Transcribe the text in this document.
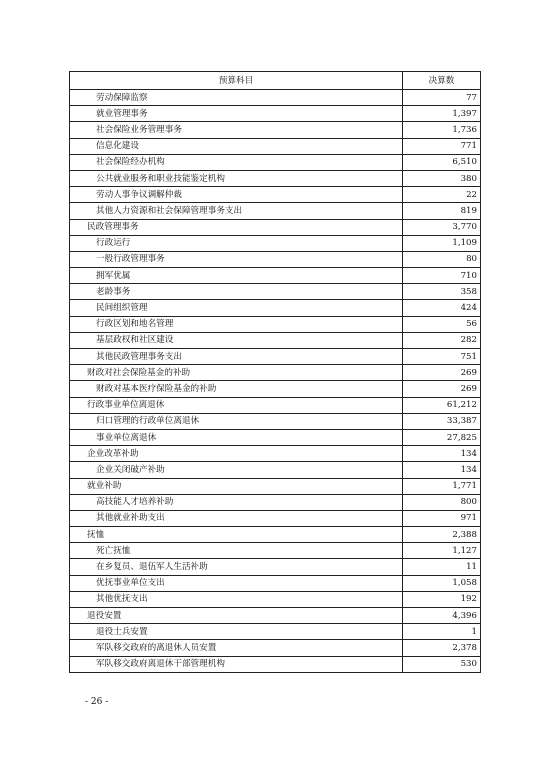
预算科目	决算数
劳动保障监察	77
就业管理事务	1,397
社会保险业务管理事务	1,736
信息化建设	771
社会保险经办机构	6,510
公共就业服务和职业技能鉴定机构	380
劳动人事争议调解仲裁	22
其他人力资源和社会保障管理事务支出	819
民政管理事务	3,770
行政运行	1,109
一般行政管理事务	80
拥军优属	710
老龄事务	358
民间组织管理	424
行政区划和地名管理	56
基层政权和社区建设	282
其他民政管理事务支出	751
财政对社会保险基金的补助	269
财政对基本医疗保险基金的补助	269
行政事业单位离退休	61,212
归口管理的行政单位离退休	33,387
事业单位离退休	27,825
企业改革补助	134
企业关闭破产补助	134
就业补助	1,771
高技能人才培养补助	800
其他就业补助支出	971
抚恤	2,388
死亡抚恤	1,127
在乡复员、退伍军人生活补助	11
优抚事业单位支出	1,058
其他优抚支出	192
退役安置	4,396
退役士兵安置	1
军队移交政府的离退休人员安置	2,378
军队移交政府离退休干部管理机构	530
- 26 -
